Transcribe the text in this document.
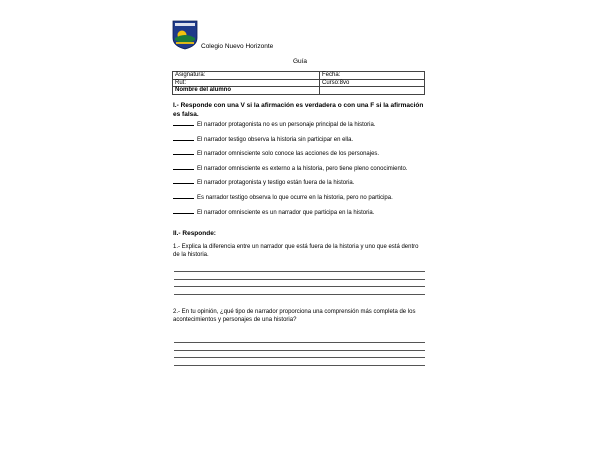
Colegio Nuevo Horizonte
Guía
Asignatura:	Fecha:
Rut:	Curso:8vo
Nombre del alumno	
I.- Responde con una V si la afirmación es verdadera o con una F si la afirmación es falsa.
El narrador protagonista no es un personaje principal de la historia.
El narrador testigo observa la historia sin participar en ella.
El narrador omnisciente solo conoce las acciones de los personajes.
El narrador omnisciente es externo a la historia, pero tiene pleno conocimiento.
El narrador protagonista y testigo están fuera de la historia.
Es narrador testigo observa lo que ocurre en la historia, pero no participa.
El narrador omnisciente es un narrador que participa en la historia.
II.- Responde:
1.- Explica la diferencia entre un narrador que está fuera de la historia y uno que está dentro de la historia.
2.- En tu opinión, ¿qué tipo de narrador proporciona una comprensión más completa de los acontecimientos y personajes de una historia?
